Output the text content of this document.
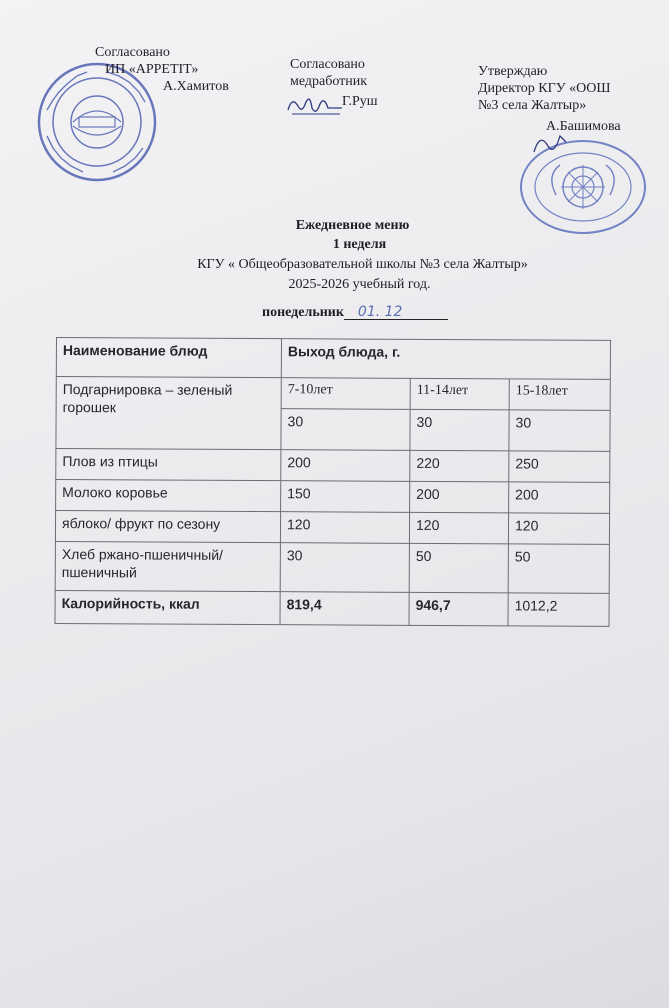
Согласовано
ИП «АРРЕТІТ»
А.Хамитов
Согласовано
медработник
Г.Руш
Утверждаю
Директор КГУ «ООШ
№3 села Жалтыр»
А.Башимова
Ежедневное меню
1 неделя
КГУ « Общеобразовательной школы №3 села Жалтыр»
2025-2026 учебный год.
понедельник 01. 12
Наименование блюд	Выход блюда, г.		
Подгарнировка – зеленый горошек	7-10лет	11-14лет	15-18лет
	30	30	30
Плов из птицы	200	220	250
Молоко коровье	150	200	200
яблоко/ фрукт по сезону	120	120	120
Хлеб ржано-пшеничный/ пшеничный	30	50	50
Калорийность, ккал	819,4	946,7	1012,2
